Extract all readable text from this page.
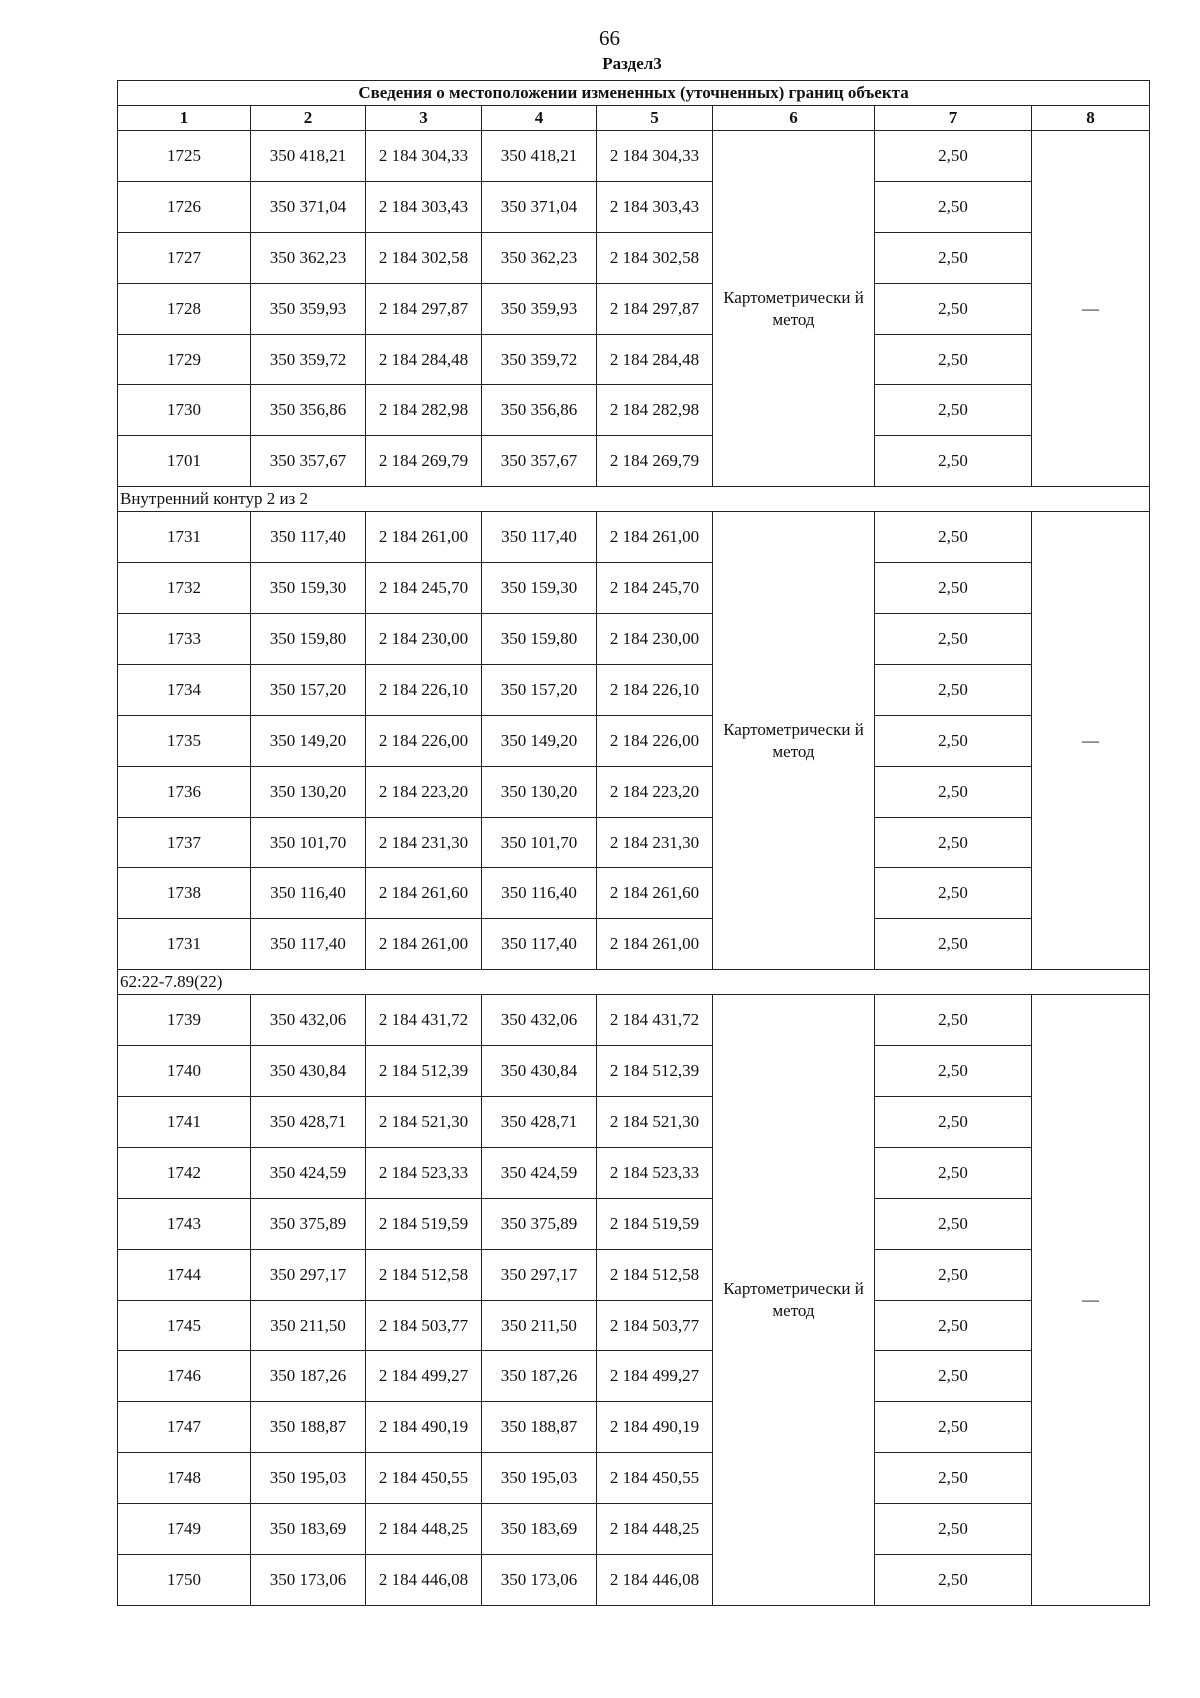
66
Раздел3
Сведения о местоположении измененных (уточненных) границ объекта							
1	2	3	4	5	6	7	8
1725	350 418,21	2 184 304,33	350 418,21	2 184 304,33	Картометрически й метод	2,50	—
1726	350 371,04	2 184 303,43	350 371,04	2 184 303,43		2,50	
1727	350 362,23	2 184 302,58	350 362,23	2 184 302,58		2,50	
1728	350 359,93	2 184 297,87	350 359,93	2 184 297,87		2,50	
1729	350 359,72	2 184 284,48	350 359,72	2 184 284,48		2,50	
1730	350 356,86	2 184 282,98	350 356,86	2 184 282,98		2,50	
1701	350 357,67	2 184 269,79	350 357,67	2 184 269,79		2,50	
Внутренний контур 2 из 2							
1731	350 117,40	2 184 261,00	350 117,40	2 184 261,00	Картометрически й метод	2,50	—
1732	350 159,30	2 184 245,70	350 159,30	2 184 245,70		2,50	
1733	350 159,80	2 184 230,00	350 159,80	2 184 230,00		2,50	
1734	350 157,20	2 184 226,10	350 157,20	2 184 226,10		2,50	
1735	350 149,20	2 184 226,00	350 149,20	2 184 226,00		2,50	
1736	350 130,20	2 184 223,20	350 130,20	2 184 223,20		2,50	
1737	350 101,70	2 184 231,30	350 101,70	2 184 231,30		2,50	
1738	350 116,40	2 184 261,60	350 116,40	2 184 261,60		2,50	
1731	350 117,40	2 184 261,00	350 117,40	2 184 261,00		2,50	
62:22-7.89(22)							
1739	350 432,06	2 184 431,72	350 432,06	2 184 431,72	Картометрически й метод	2,50	—
1740	350 430,84	2 184 512,39	350 430,84	2 184 512,39		2,50	
1741	350 428,71	2 184 521,30	350 428,71	2 184 521,30		2,50	
1742	350 424,59	2 184 523,33	350 424,59	2 184 523,33		2,50	
1743	350 375,89	2 184 519,59	350 375,89	2 184 519,59		2,50	
1744	350 297,17	2 184 512,58	350 297,17	2 184 512,58		2,50	
1745	350 211,50	2 184 503,77	350 211,50	2 184 503,77		2,50	
1746	350 187,26	2 184 499,27	350 187,26	2 184 499,27		2,50	
1747	350 188,87	2 184 490,19	350 188,87	2 184 490,19		2,50	
1748	350 195,03	2 184 450,55	350 195,03	2 184 450,55		2,50	
1749	350 183,69	2 184 448,25	350 183,69	2 184 448,25		2,50	
1750	350 173,06	2 184 446,08	350 173,06	2 184 446,08		2,50	
